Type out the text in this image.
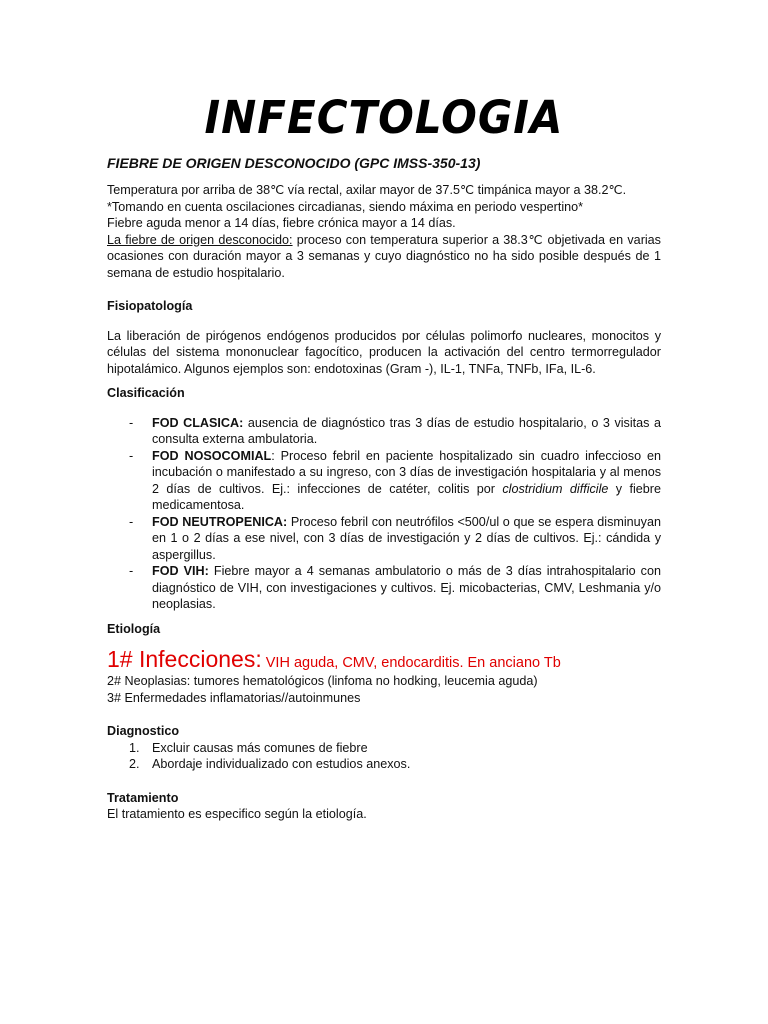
INFECTOLOGIA
FIEBRE DE ORIGEN DESCONOCIDO (GPC IMSS-350-13)

Temperatura por arriba de 38℃ vía rectal, axilar mayor de 37.5℃ timpánica mayor a 38.2℃.

*Tomando en cuenta oscilaciones circadianas, siendo máxima en periodo vespertino*

Fiebre aguda menor a 14 días, fiebre crónica mayor a 14 días.

La fiebre de origen desconocido: proceso con temperatura superior a 38.3℃ objetivada en varias ocasiones con duración mayor a 3 semanas y cuyo diagnóstico no ha sido posible después de 1 semana de estudio hospitalario.

Fisiopatología

La liberación de pirógenos endógenos producidos por células polimorfo nucleares, monocitos y células del sistema mononuclear fagocítico, producen la activación del centro termorregulador hipotalámico. Algunos ejemplos son: endotoxinas (Gram -), IL-1, TNFa, TNFb, IFa, IL-6.

Clasificación
- FOD CLASICA: ausencia de diagnóstico tras 3 días de estudio hospitalario, o 3 visitas a consulta externa ambulatoria.
- FOD NOSOCOMIAL: Proceso febril en paciente hospitalizado sin cuadro infeccioso en incubación o manifestado a su ingreso, con 3 días de investigación hospitalaria y al menos 2 días de cultivos. Ej.: infecciones de catéter, colitis por clostridium difficile y fiebre medicamentosa.
- FOD NEUTROPENICA: Proceso febril con neutrófilos <500/ul o que se espera disminuyan en 1 o 2 días a ese nivel, con 3 días de investigación y 2 días de cultivos. Ej.: cándida y aspergillus.
- FOD VIH: Fiebre mayor a 4 semanas ambulatorio o más de 3 días intrahospitalario con diagnóstico de VIH, con investigaciones y cultivos. Ej. micobacterias, CMV, Leshmania y/o neoplasias.
Etiología

1# Infecciones: VIH aguda, CMV, endocarditis. En anciano Tb

2# Neoplasias: tumores hematológicos (linfoma no hodking, leucemia aguda)

3# Enfermedades inflamatorias//autoinmunes

Diagnostico
1. Excluir causas más comunes de fiebre
2. Abordaje individualizado con estudios anexos.
Tratamiento

El tratamiento es especifico según la etiología.
